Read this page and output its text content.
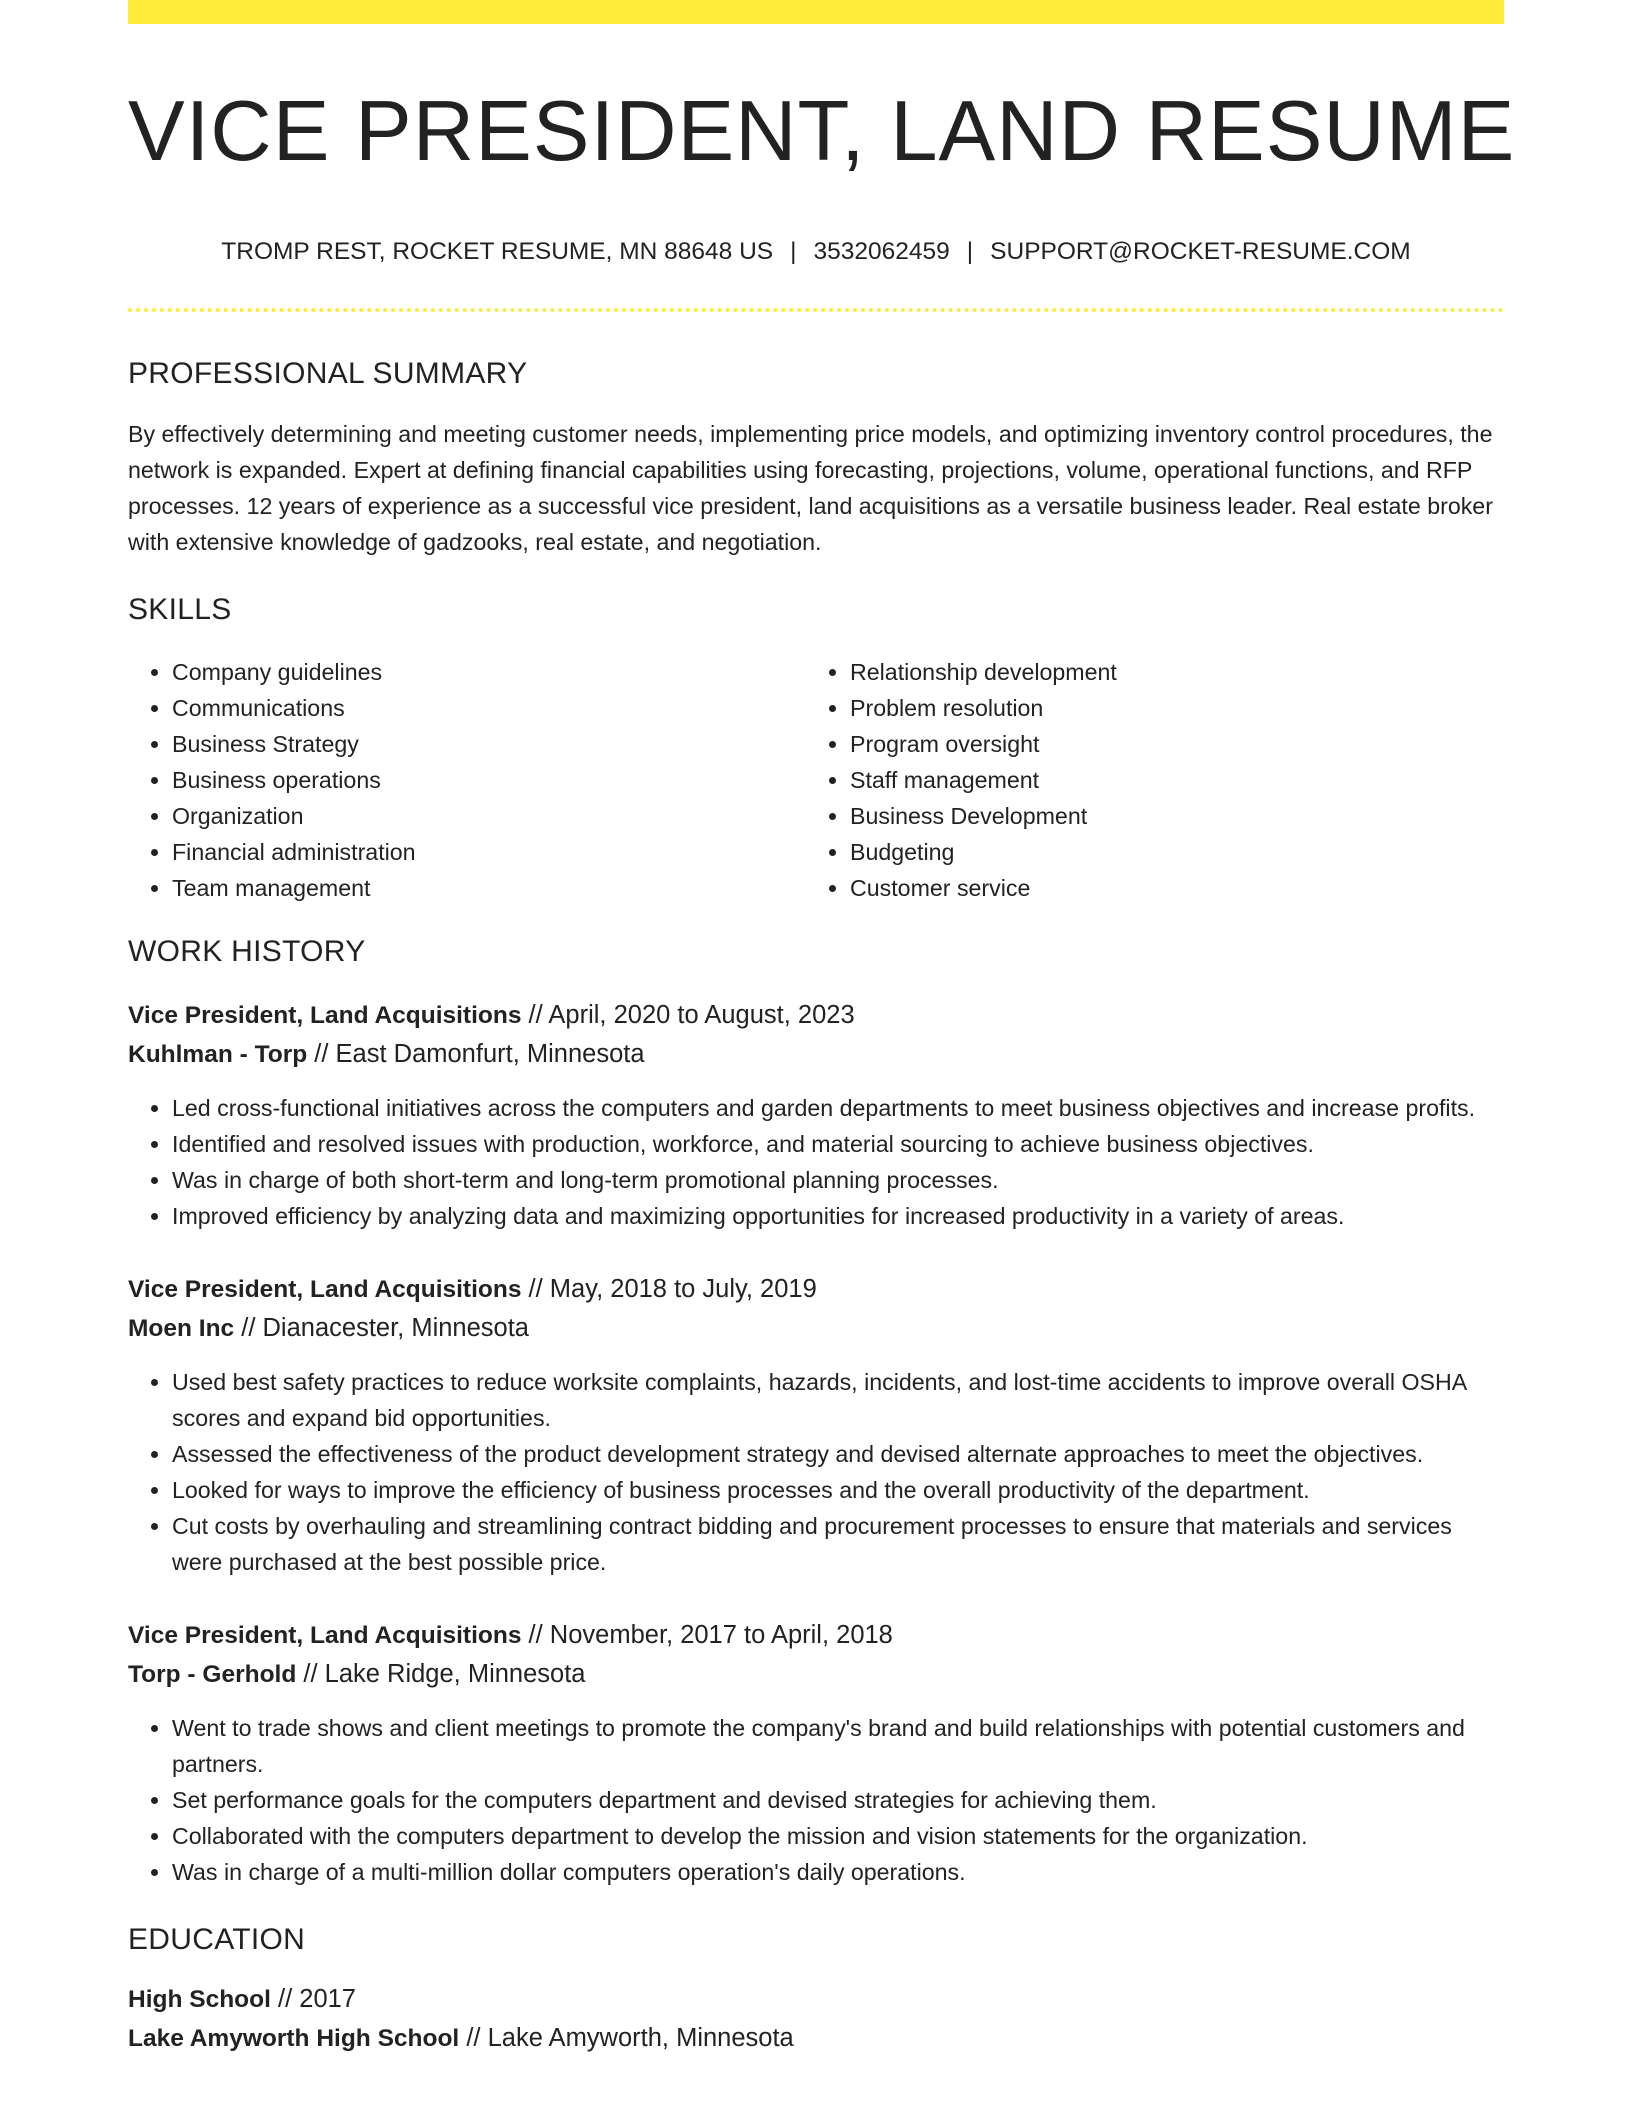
VICE PRESIDENT, LAND RESUME
TROMP REST, ROCKET RESUME, MN 88648 US | 3532062459 | SUPPORT@ROCKET-RESUME.COM
PROFESSIONAL SUMMARY

By effectively determining and meeting customer needs, implementing price models, and optimizing inventory control procedures, the network is expanded. Expert at defining financial capabilities using forecasting, projections, volume, operational functions, and RFP processes. 12 years of experience as a successful vice president, land acquisitions as a versatile business leader. Real estate broker with extensive knowledge of gadzooks, real estate, and negotiation.

SKILLS
• Company guidelines
• Communications
• Business Strategy
• Business operations
• Organization
• Financial administration
• Team management
• Relationship development
• Problem resolution
• Program oversight
• Staff management
• Business Development
• Budgeting
• Customer service
WORK HISTORY
Vice President, Land Acquisitions // April, 2020 to August, 2023
Kuhlman - Torp // East Damonfurt, Minnesota
• Led cross-functional initiatives across the computers and garden departments to meet business objectives and increase profits.
• Identified and resolved issues with production, workforce, and material sourcing to achieve business objectives.
• Was in charge of both short-term and long-term promotional planning processes.
• Improved efficiency by analyzing data and maximizing opportunities for increased productivity in a variety of areas.
Vice President, Land Acquisitions // May, 2018 to July, 2019
Moen Inc // Dianacester, Minnesota
• Used best safety practices to reduce worksite complaints, hazards, incidents, and lost-time accidents to improve overall OSHA scores and expand bid opportunities.
• Assessed the effectiveness of the product development strategy and devised alternate approaches to meet the objectives.
• Looked for ways to improve the efficiency of business processes and the overall productivity of the department.
• Cut costs by overhauling and streamlining contract bidding and procurement processes to ensure that materials and services were purchased at the best possible price.
Vice President, Land Acquisitions // November, 2017 to April, 2018
Torp - Gerhold // Lake Ridge, Minnesota
• Went to trade shows and client meetings to promote the company's brand and build relationships with potential customers and partners.
• Set performance goals for the computers department and devised strategies for achieving them.
• Collaborated with the computers department to develop the mission and vision statements for the organization.
• Was in charge of a multi-million dollar computers operation's daily operations.
EDUCATION
High School // 2017
Lake Amyworth High School // Lake Amyworth, Minnesota
